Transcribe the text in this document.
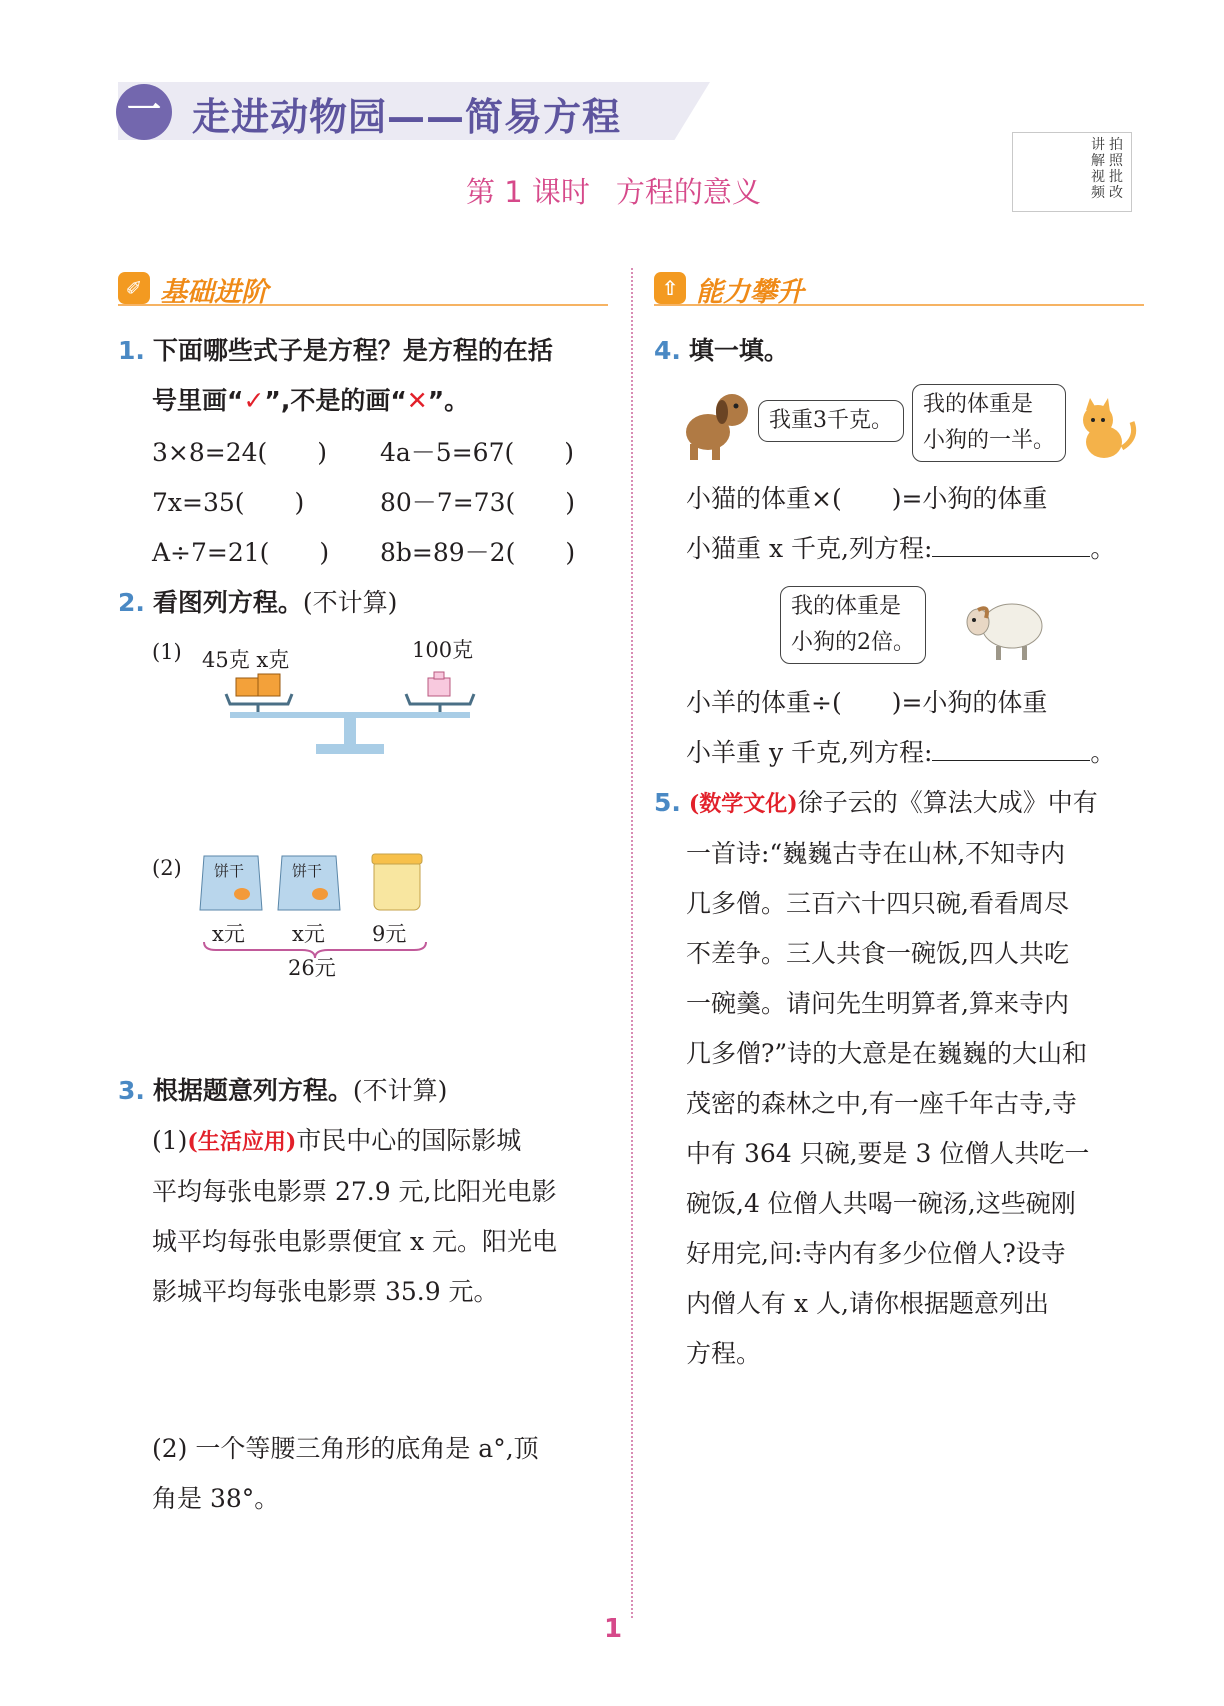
一 走进动物园——简易方程
第 1 课时 方程的意义
讲 拍
解 照
视 批
频 改
✐ 基础进阶	⇧ 能力攀升
1. 下面哪些式子是方程？是方程的在括
号里画“✓”,不是的画“✕”。
3×8=24(　　) 4a－5=67(　　)
7x=35(　　)	80－7=73(　　)
A÷7=21(　　) 8b=89－2(　　)
2. 看图列方程。(不计算)
(1) 45克 x克	100克
(2) 饼干	饼干
x元 x元 9元
26元
3. 根据题意列方程。(不计算)
(1)(生活应用)市民中心的国际影城
平均每张电影票 27.9 元,比阳光电影
城平均每张电影票便宜 x 元。阳光电
影城平均每张电影票 35.9 元。
(2) 一个等腰三角形的底角是 a°,顶
角是 38°。
4. 填一填。
我重3千克。
我的体重是
小狗的一半。
小猫的体重×(　　)=小狗的体重
小猫重 x 千克,列方程:	。
我的体重是
小狗的2倍。
小羊的体重÷(　　)=小狗的体重
小羊重 y 千克,列方程:	。
5. (数学文化)徐子云的《算法大成》中有
一首诗:“巍巍古寺在山林,不知寺内
几多僧。三百六十四只碗,看看周尽
不差争。三人共食一碗饭,四人共吃
一碗羹。请问先生明算者,算来寺内
几多僧?”诗的大意是在巍巍的大山和
茂密的森林之中,有一座千年古寺,寺
中有 364 只碗,要是 3 位僧人共吃一
碗饭,4 位僧人共喝一碗汤,这些碗刚
好用完,问:寺内有多少位僧人?设寺
内僧人有 x 人,请你根据题意列出
方程。
1
